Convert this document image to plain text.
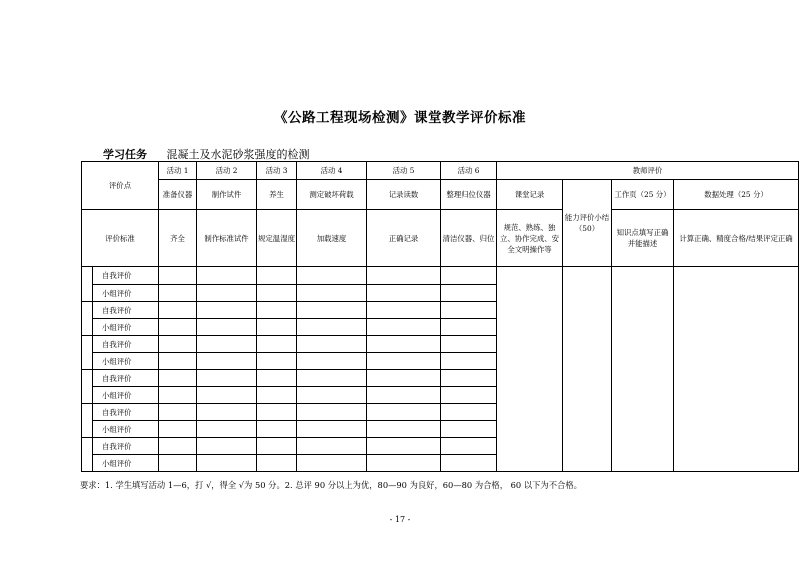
《公路工程现场检测》课堂教学评价标准
学习任务 混凝土及水泥砂浆强度的检测
评价点		活动 1	活动 2	活动 3	活动 4	活动 5	活动 6	教师评价				
		准备仪器	制作试件	养生	测定破坏荷载	记录读数	整理归位仪器	课堂记录	能力评价小结（50）	工作页（25 分）	数据处理（25 分）	
评价标准		齐全	制作标准试件	规定温湿度	加载速度	正确记录	清洁仪器、归位	规范、熟练、独立、协作完成、安全文明操作等		知识点填写正确并能描述	计算正确、精度合格/结果评定正确	
	自我评价											
	小组评价											
	自我评价											
	小组评价											
	自我评价											
	小组评价											
	自我评价											
	小组评价											
	自我评价											
	小组评价											
	自我评价											
	小组评价											
要求：1. 学生填写活动 1—6，打 √，得全 √为 50 分。2. 总评 90 分以上为优，80—90 为良好，60—80 为合格， 60 以下为不合格。
- 17 -
